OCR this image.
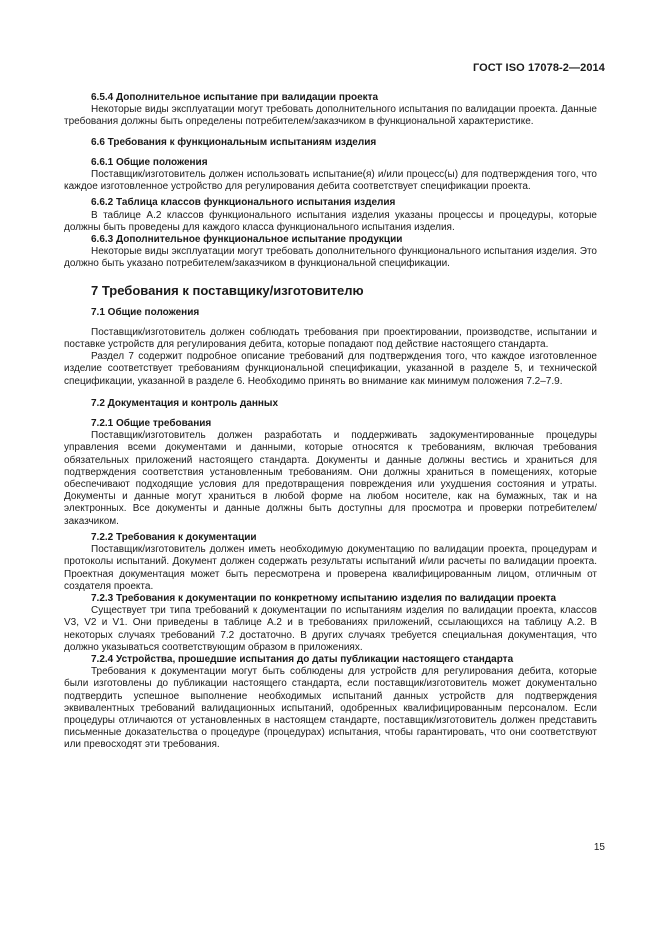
ГОСТ ISO 17078-2—2014
6.5.4 Дополнительное испытание при валидации проекта

Некоторые виды эксплуатации могут требовать дополнительного испытания по валидации проекта. Данные требования должны быть определены потребителем/заказчиком в функциональной характеристике.

6.6 Требования к функциональным испытаниям изделия
6.6.1 Общие положения

Поставщик/изготовитель должен использовать испытание(я) и/или процесс(ы) для подтверждения того, что каждое изготовленное устройство для регулирования дебита соответствует спецификации проекта.

6.6.2 Таблица классов функционального испытания изделия

В таблице А.2 классов функционального испытания изделия указаны процессы и процедуры, которые должны быть проведены для каждого класса функционального испытания изделия.

6.6.3 Дополнительное функциональное испытание продукции

Некоторые виды эксплуатации могут требовать дополнительного функционального испытания изделия. Это должно быть указано потребителем/заказчиком в функциональной спецификации.

7 Требования к поставщику/изготовителю
7.1 Общие положения

Поставщик/изготовитель должен соблюдать требования при проектировании, производстве, испытании и поставке устройств для регулирования дебита, которые попадают под действие настоящего стандарта.

Раздел 7 содержит подробное описание требований для подтверждения того, что каждое изготовленное изделие соответствует требованиям функциональной спецификации, указанной в разделе 5, и технической спецификации, указанной в разделе 6. Необходимо принять во внимание как минимум положения 7.2–7.9.

7.2 Документация и контроль данных
7.2.1 Общие требования

Поставщик/изготовитель должен разработать и поддерживать задокументированные процедуры управления всеми документами и данными, которые относятся к требованиям, включая требования обязательных приложений настоящего стандарта. Документы и данные должны вестись и храниться для подтверждения соответствия установленным требованиям. Они должны храниться в помещениях, которые обеспечивают подходящие условия для предотвращения повреждения или ухудшения состояния и утраты. Документы и данные могут храниться в любой форме на любом носителе, как на бумажных, так и на электронных. Все документы и данные должны быть доступны для просмотра и проверки потребителем/заказчиком.

7.2.2 Требования к документации

Поставщик/изготовитель должен иметь необходимую документацию по валидации проекта, процедурам и протоколы испытаний. Документ должен содержать результаты испытаний и/или расчеты по валидации проекта. Проектная документация может быть пересмотрена и проверена квалифицированным лицом, отличным от создателя проекта.

7.2.3 Требования к документации по конкретному испытанию изделия по валидации проекта

Существует три типа требований к документации по испытаниям изделия по валидации проекта, классов V3, V2 и V1. Они приведены в таблице А.2 и в требованиях приложений, ссылающихся на таблицу А.2. В некоторых случаях требований 7.2 достаточно. В других случаях требуется специальная документация, что должно указываться соответствующим образом в приложениях.

7.2.4 Устройства, прошедшие испытания до даты публикации настоящего стандарта

Требования к документации могут быть соблюдены для устройств для регулирования дебита, которые были изготовлены до публикации настоящего стандарта, если поставщик/изготовитель может документально подтвердить успешное выполнение необходимых испытаний данных устройств для подтверждения эквивалентных требований валидационных испытаний, одобренных квалифицированным персоналом. Если процедуры отличаются от установленных в настоящем стандарте, поставщик/изготовитель должен представить письменные доказательства о процедуре (процедурах) испытания, чтобы гарантировать, что они соответствуют или превосходят эти требования.

15
